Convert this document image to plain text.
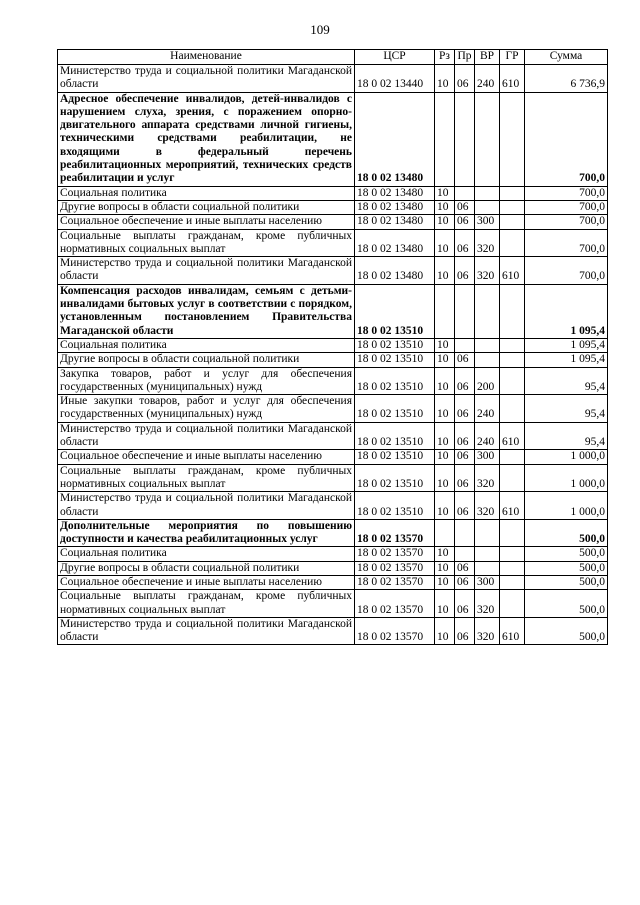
109
Наименование	ЦСР	Рз	Пр	ВР	ГР	Сумма
Министерство труда и социальной политики Магаданской области	18 0 02 13440	10	06	240	610	6 736,9
Адресное обеспечение инвалидов, детей-инвалидов с нарушением слуха, зрения, с поражением опорно-двигательного аппарата средствами личной гигиены, техническими средствами реабилитации, не входящими в федеральный перечень реабилитационных мероприятий, технических средств реабилитации и услуг	18 0 02 13480					700,0
Социальная политика	18 0 02 13480	10				700,0
Другие вопросы в области социальной политики	18 0 02 13480	10	06			700,0
Социальное обеспечение и иные выплаты населению	18 0 02 13480	10	06	300		700,0
Социальные выплаты гражданам, кроме публичных нормативных социальных выплат	18 0 02 13480	10	06	320		700,0
Министерство труда и социальной политики Магаданской области	18 0 02 13480	10	06	320	610	700,0
Компенсация расходов инвалидам, семьям с детьми-инвалидами бытовых услуг в соответствии с порядком, установленным постановлением Правительства Магаданской области	18 0 02 13510					1 095,4
Социальная политика	18 0 02 13510	10				1 095,4
Другие вопросы в области социальной политики	18 0 02 13510	10	06			1 095,4
Закупка товаров, работ и услуг для обеспечения государственных (муниципальных) нужд	18 0 02 13510	10	06	200		95,4
Иные закупки товаров, работ и услуг для обеспечения государственных (муниципальных) нужд	18 0 02 13510	10	06	240		95,4
Министерство труда и социальной политики Магаданской области	18 0 02 13510	10	06	240	610	95,4
Социальное обеспечение и иные выплаты населению	18 0 02 13510	10	06	300		1 000,0
Социальные выплаты гражданам, кроме публичных нормативных социальных выплат	18 0 02 13510	10	06	320		1 000,0
Министерство труда и социальной политики Магаданской области	18 0 02 13510	10	06	320	610	1 000,0
Дополнительные мероприятия по повышению доступности и качества реабилитационных услуг	18 0 02 13570					500,0
Социальная политика	18 0 02 13570	10				500,0
Другие вопросы в области социальной политики	18 0 02 13570	10	06			500,0
Социальное обеспечение и иные выплаты населению	18 0 02 13570	10	06	300		500,0
Социальные выплаты гражданам, кроме публичных нормативных социальных выплат	18 0 02 13570	10	06	320		500,0
Министерство труда и социальной политики Магаданской области	18 0 02 13570	10	06	320	610	500,0
